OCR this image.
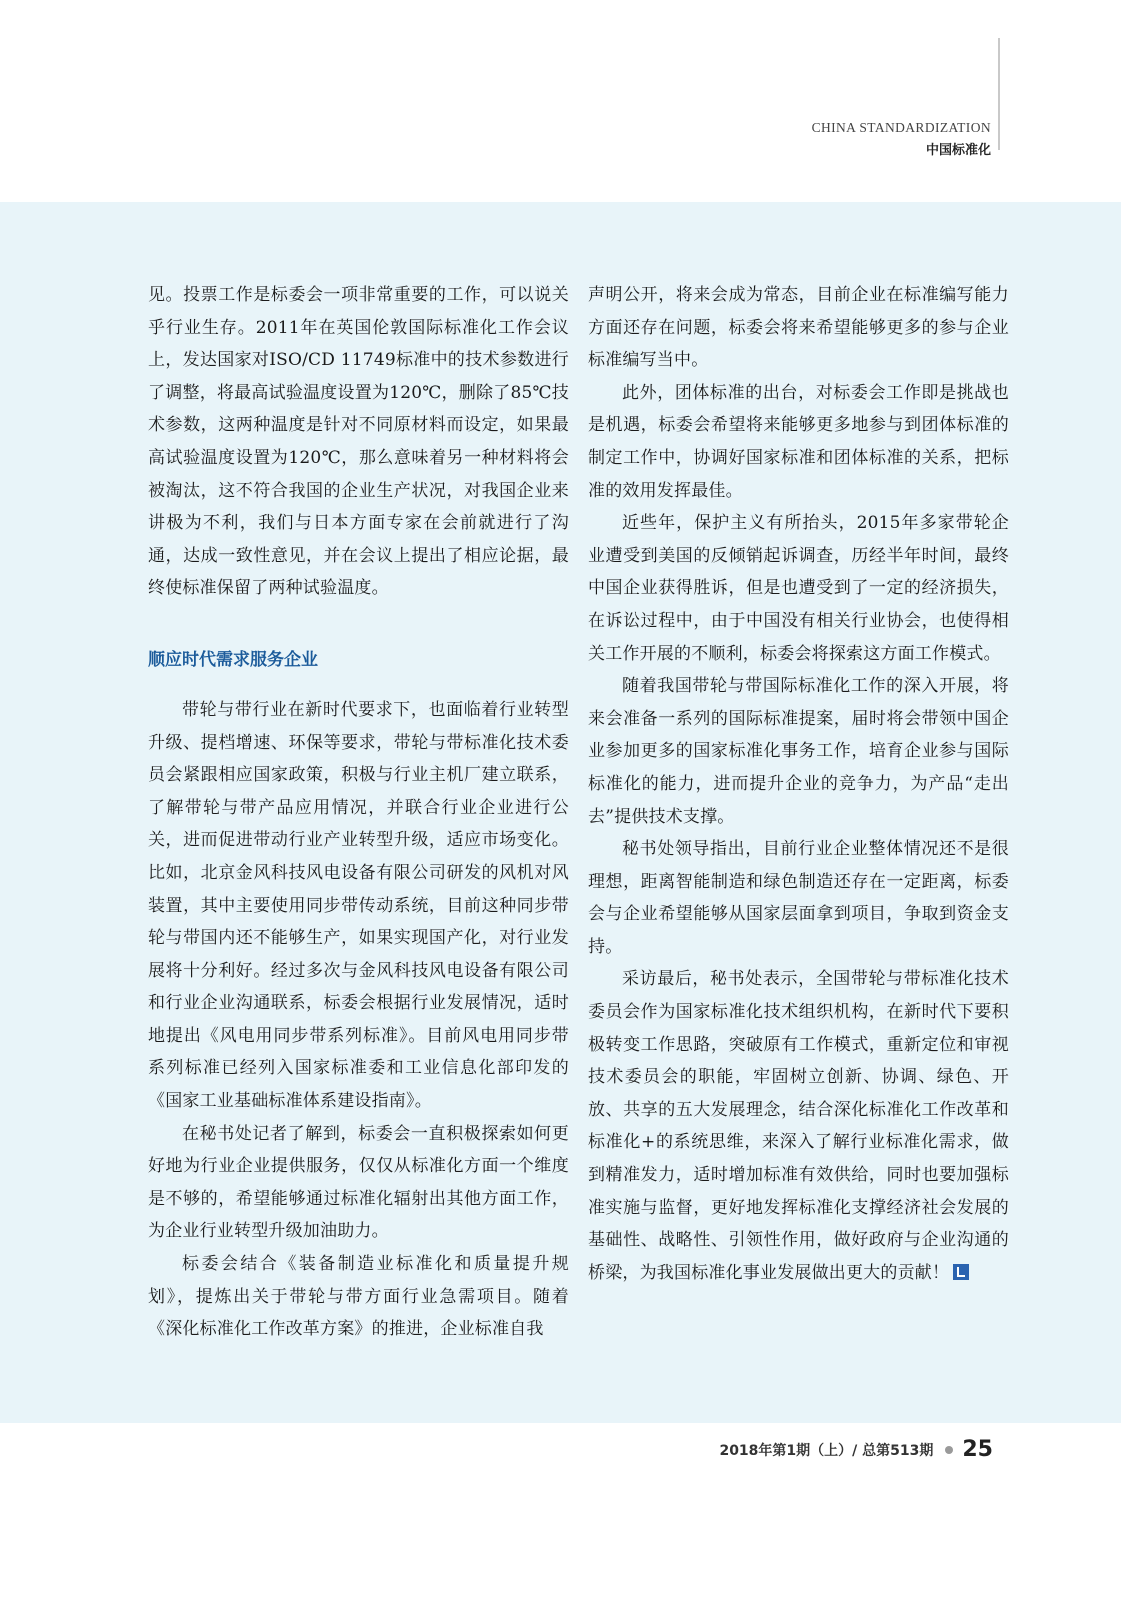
CHINA STANDARDIZATION
中国标准化

见。投票工作是标委会一项非常重要的工作，可以说关乎行业生存。2011年在英国伦敦国际标准化工作会议上，发达国家对ISO/CD 11749标准中的技术参数进行了调整，将最高试验温度设置为120℃，删除了85℃技术参数，这两种温度是针对不同原材料而设定，如果最高试验温度设置为120℃，那么意味着另一种材料将会被淘汰，这不符合我国的企业生产状况，对我国企业来讲极为不利，我们与日本方面专家在会前就进行了沟通，达成一致性意见，并在会议上提出了相应论据，最终使标准保留了两种试验温度。

顺应时代需求服务企业

带轮与带行业在新时代要求下，也面临着行业转型升级、提档增速、环保等要求，带轮与带标准化技术委员会紧跟相应国家政策，积极与行业主机厂建立联系，了解带轮与带产品应用情况，并联合行业企业进行公关，进而促进带动行业产业转型升级，适应市场变化。比如，北京金风科技风电设备有限公司研发的风机对风装置，其中主要使用同步带传动系统，目前这种同步带轮与带国内还不能够生产，如果实现国产化，对行业发展将十分利好。经过多次与金风科技风电设备有限公司和行业企业沟通联系，标委会根据行业发展情况，适时地提出《风电用同步带系列标准》。目前风电用同步带系列标准已经列入国家标准委和工业信息化部印发的《国家工业基础标准体系建设指南》。

在秘书处记者了解到，标委会一直积极探索如何更好地为行业企业提供服务，仅仅从标准化方面一个维度是不够的，希望能够通过标准化辐射出其他方面工作，为企业行业转型升级加油助力。

标委会结合《装备制造业标准化和质量提升规划》，提炼出关于带轮与带方面行业急需项目。随着《深化标准化工作改革方案》的推进，企业标准自我

声明公开，将来会成为常态，目前企业在标准编写能力方面还存在问题，标委会将来希望能够更多的参与企业标准编写当中。

此外，团体标准的出台，对标委会工作即是挑战也是机遇，标委会希望将来能够更多地参与到团体标准的制定工作中，协调好国家标准和团体标准的关系，把标准的效用发挥最佳。

近些年，保护主义有所抬头，2015年多家带轮企业遭受到美国的反倾销起诉调查，历经半年时间，最终中国企业获得胜诉，但是也遭受到了一定的经济损失，在诉讼过程中，由于中国没有相关行业协会，也使得相关工作开展的不顺利，标委会将探索这方面工作模式。

随着我国带轮与带国际标准化工作的深入开展，将来会准备一系列的国际标准提案，届时将会带领中国企业参加更多的国家标准化事务工作，培育企业参与国际标准化的能力，进而提升企业的竞争力，为产品“走出去”提供技术支撑。

秘书处领导指出，目前行业企业整体情况还不是很理想，距离智能制造和绿色制造还存在一定距离，标委会与企业希望能够从国家层面拿到项目，争取到资金支持。

采访最后，秘书处表示，全国带轮与带标准化技术委员会作为国家标准化技术组织机构，在新时代下要积极转变工作思路，突破原有工作模式，重新定位和审视技术委员会的职能，牢固树立创新、协调、绿色、开放、共享的五大发展理念，结合深化标准化工作改革和标准化+的系统思维，来深入了解行业标准化需求，做到精准发力，适时增加标准有效供给，同时也要加强标准实施与监督，更好地发挥标准化支撑经济社会发展的基础性、战略性、引领性作用，做好政府与企业沟通的桥梁，为我国标准化事业发展做出更大的贡献！

2018年第1期（上）/ 总第513期 25
